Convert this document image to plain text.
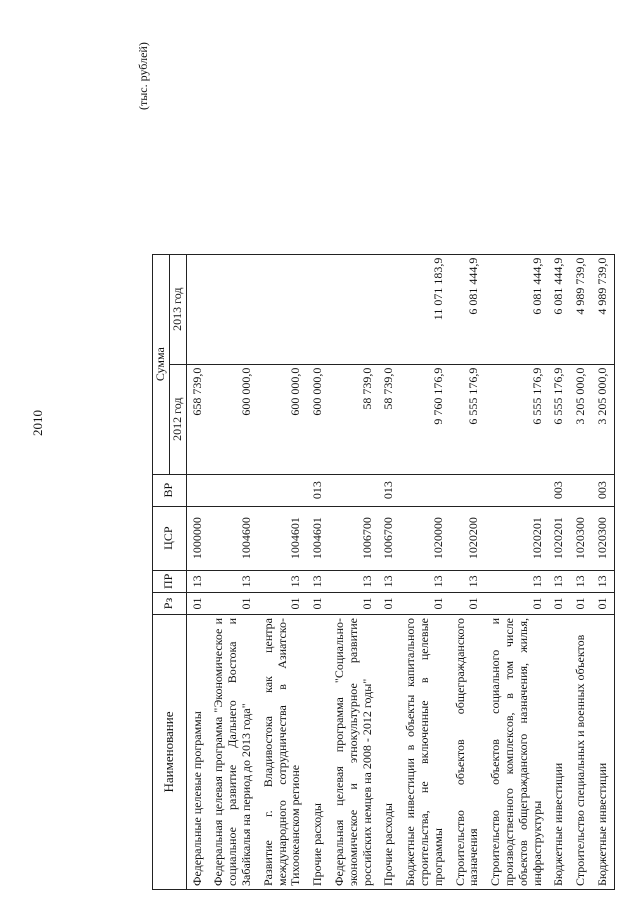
2010
(тыс. рублей)
Наименование	Рз	ПР	ЦСР	ВР	Сумма	
					2012 год	2013 год
Федеральные целевые программы	01	13	1000000		658 739,0	
Федеральная целевая программа "Экономическое и социальное развитие Дальнего Востока и Забайкалья на период до 2013 года"	01	13	1004600		600 000,0	
Развитие г. Владивостока как центра международного сотрудничества в Азиатско-Тихоокеанском регионе	01	13	1004601		600 000,0	
Прочие расходы	01	13	1004601	013	600 000,0	
Федеральная целевая программа "Социально-экономическое и этнокультурное развитие российских немцев на 2008 - 2012 годы"	01	13	1006700		58 739,0	
Прочие расходы	01	13	1006700	013	58 739,0	
Бюджетные инвестиции в объекты капитального строительства, не включенные в целевые программы	01	13	1020000		9 760 176,9	11 071 183,9
Строительство объектов общегражданского назначения	01	13	1020200		6 555 176,9	6 081 444,9
Строительство объектов социального и производственного комплексов, в том числе объектов общегражданского назначения, жилья, инфраструктуры	01	13	1020201		6 555 176,9	6 081 444,9
Бюджетные инвестиции	01	13	1020201	003	6 555 176,9	6 081 444,9
Строительство специальных и военных объектов	01	13	1020300		3 205 000,0	4 989 739,0
Бюджетные инвестиции	01	13	1020300	003	3 205 000,0	4 989 739,0
